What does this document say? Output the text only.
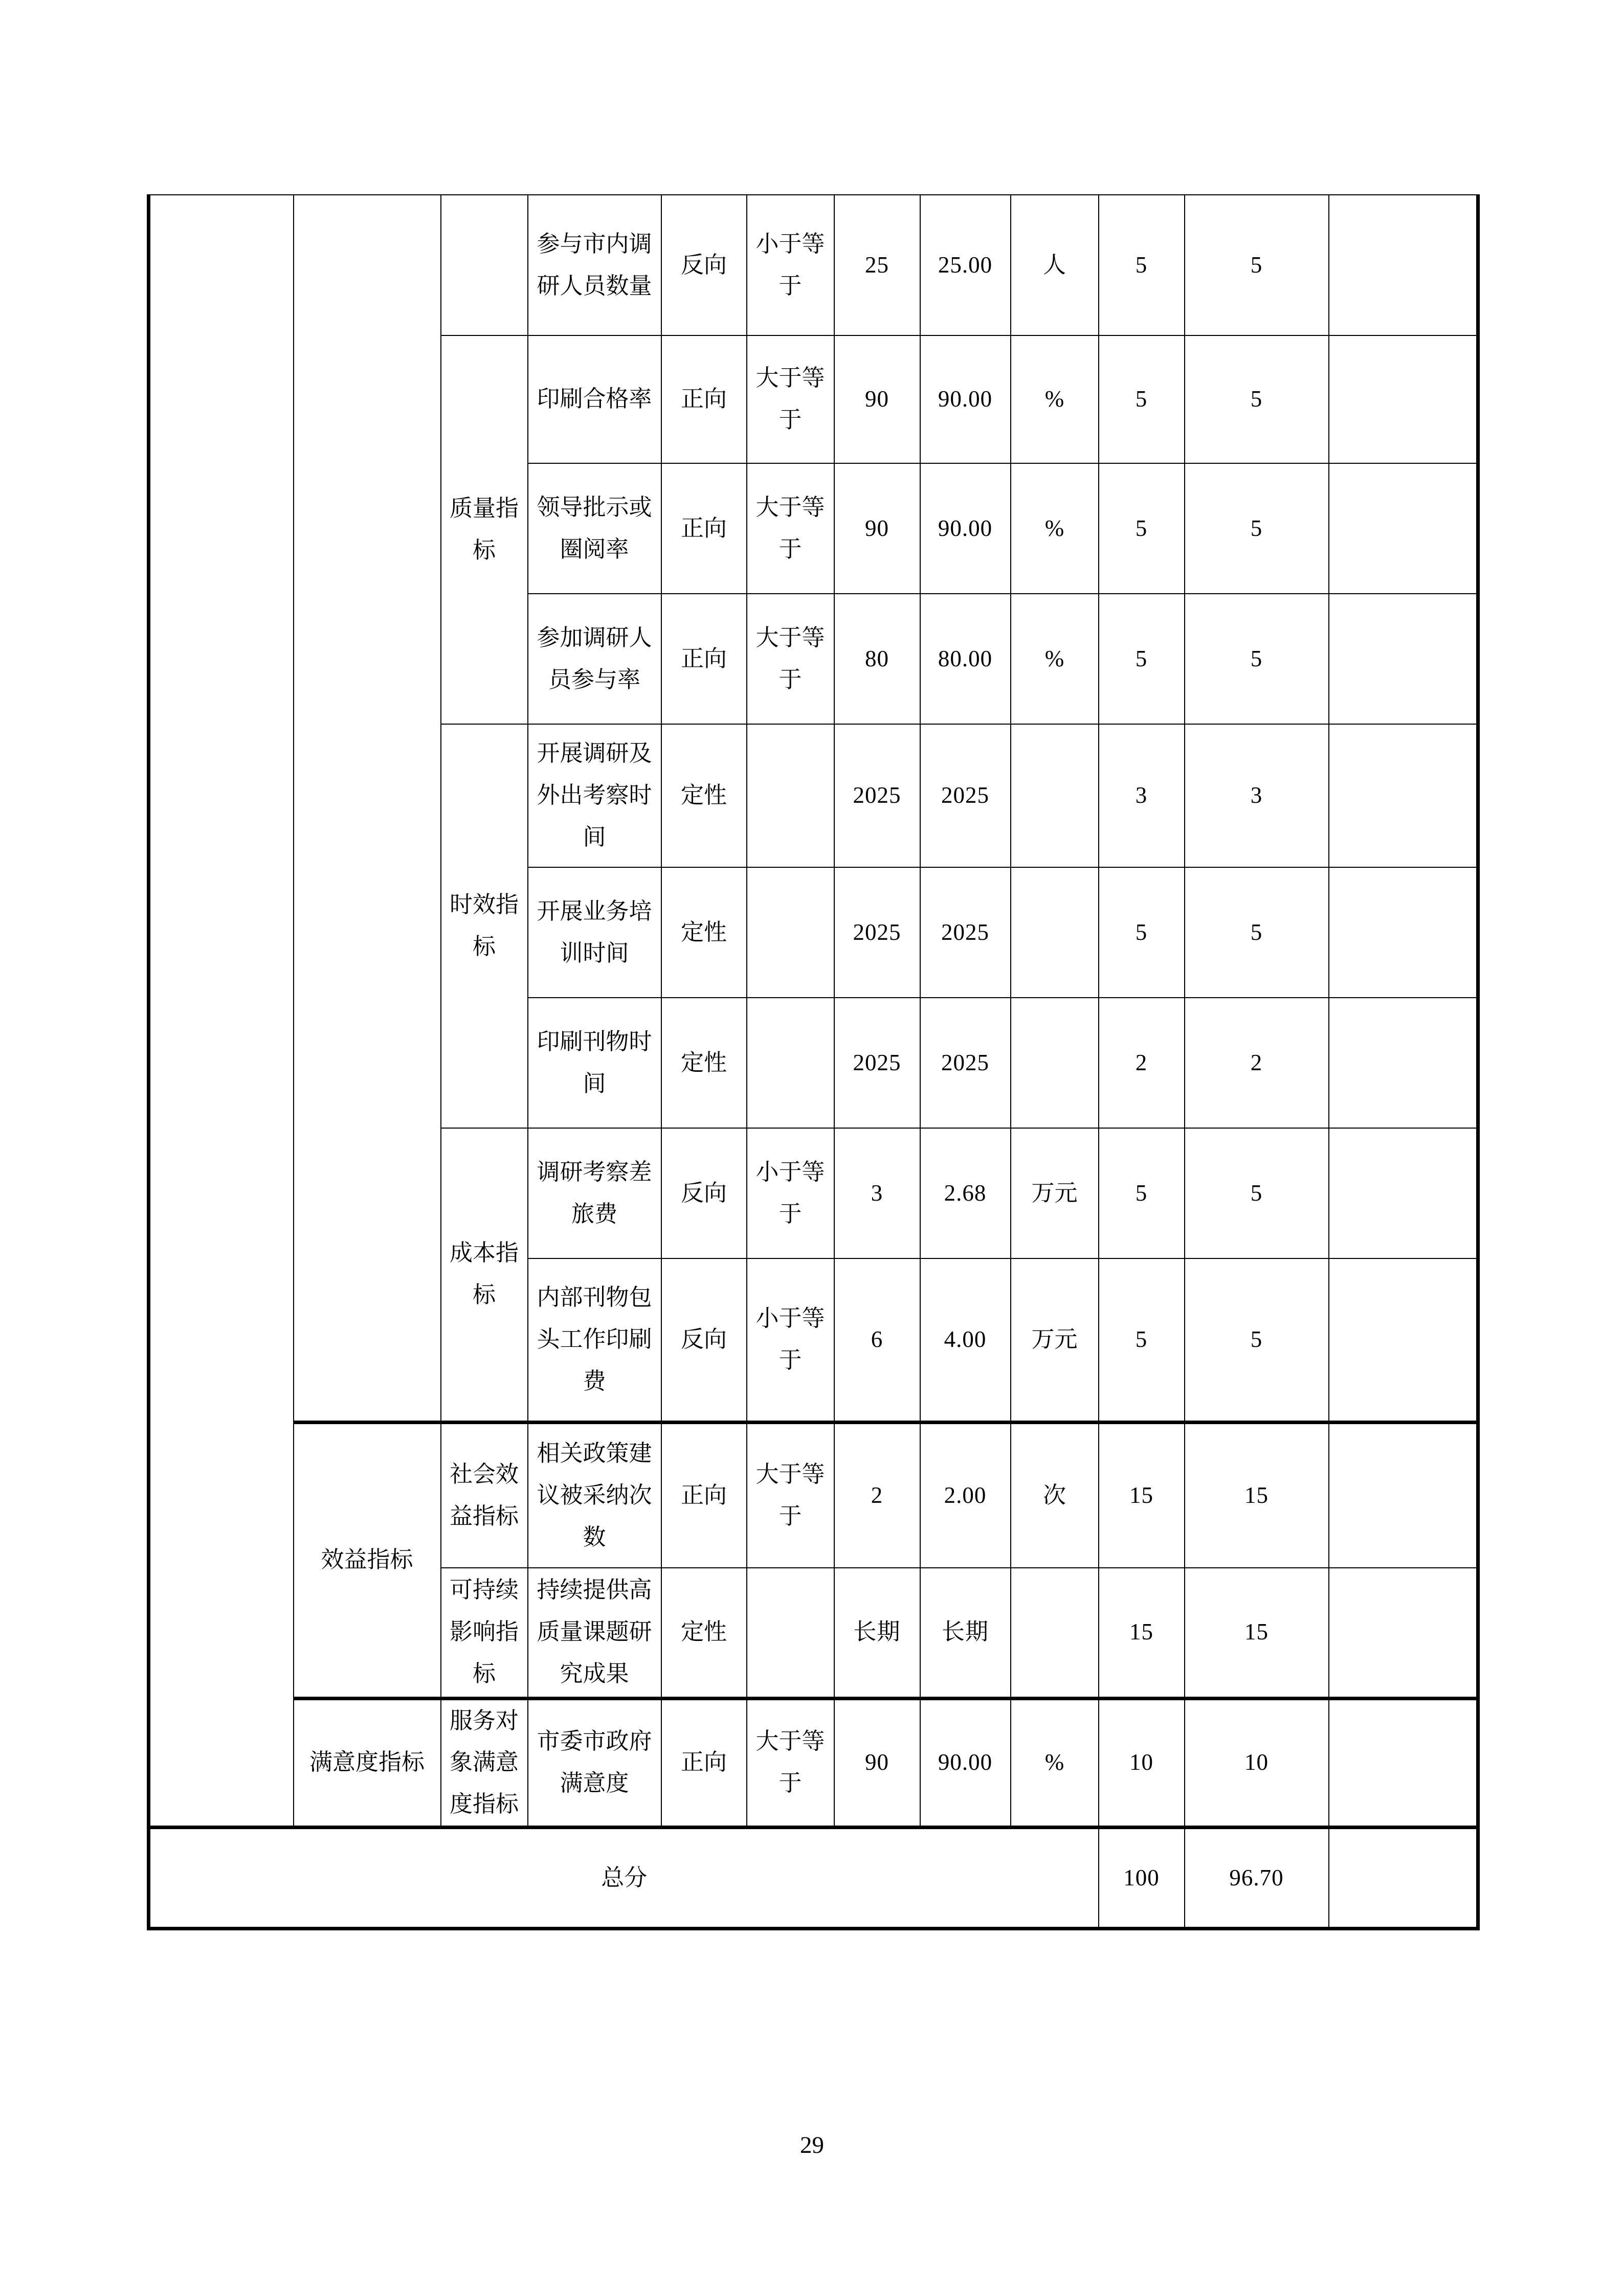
			参与市内调研人员数量	反向	小于等于	25	25.00	人	5	5	
		质量指标	印刷合格率	正向	大于等于	90	90.00	%	5	5	
			领导批示或圈阅率	正向	大于等于	90	90.00	%	5	5	
			参加调研人员参与率	正向	大于等于	80	80.00	%	5	5	
		时效指标	开展调研及外出考察时间	定性		2025	2025		3	3	
			开展业务培训时间	定性		2025	2025		5	5	
			印刷刊物时间	定性		2025	2025		2	2	
		成本指标	调研考察差旅费	反向	小于等于	3	2.68	万元	5	5	
			内部刊物包头工作印刷费	反向	小于等于	6	4.00	万元	5	5	
	效益指标	社会效益指标	相关政策建议被采纳次数	正向	大于等于	2	2.00	次	15	15	
		可持续影响指标	持续提供高质量课题研究成果	定性		长期	长期		15	15	
	满意度指标	服务对象满意度指标	市委市政府满意度	正向	大于等于	90	90.00	%	10	10	
总分									100	96.70	
29
